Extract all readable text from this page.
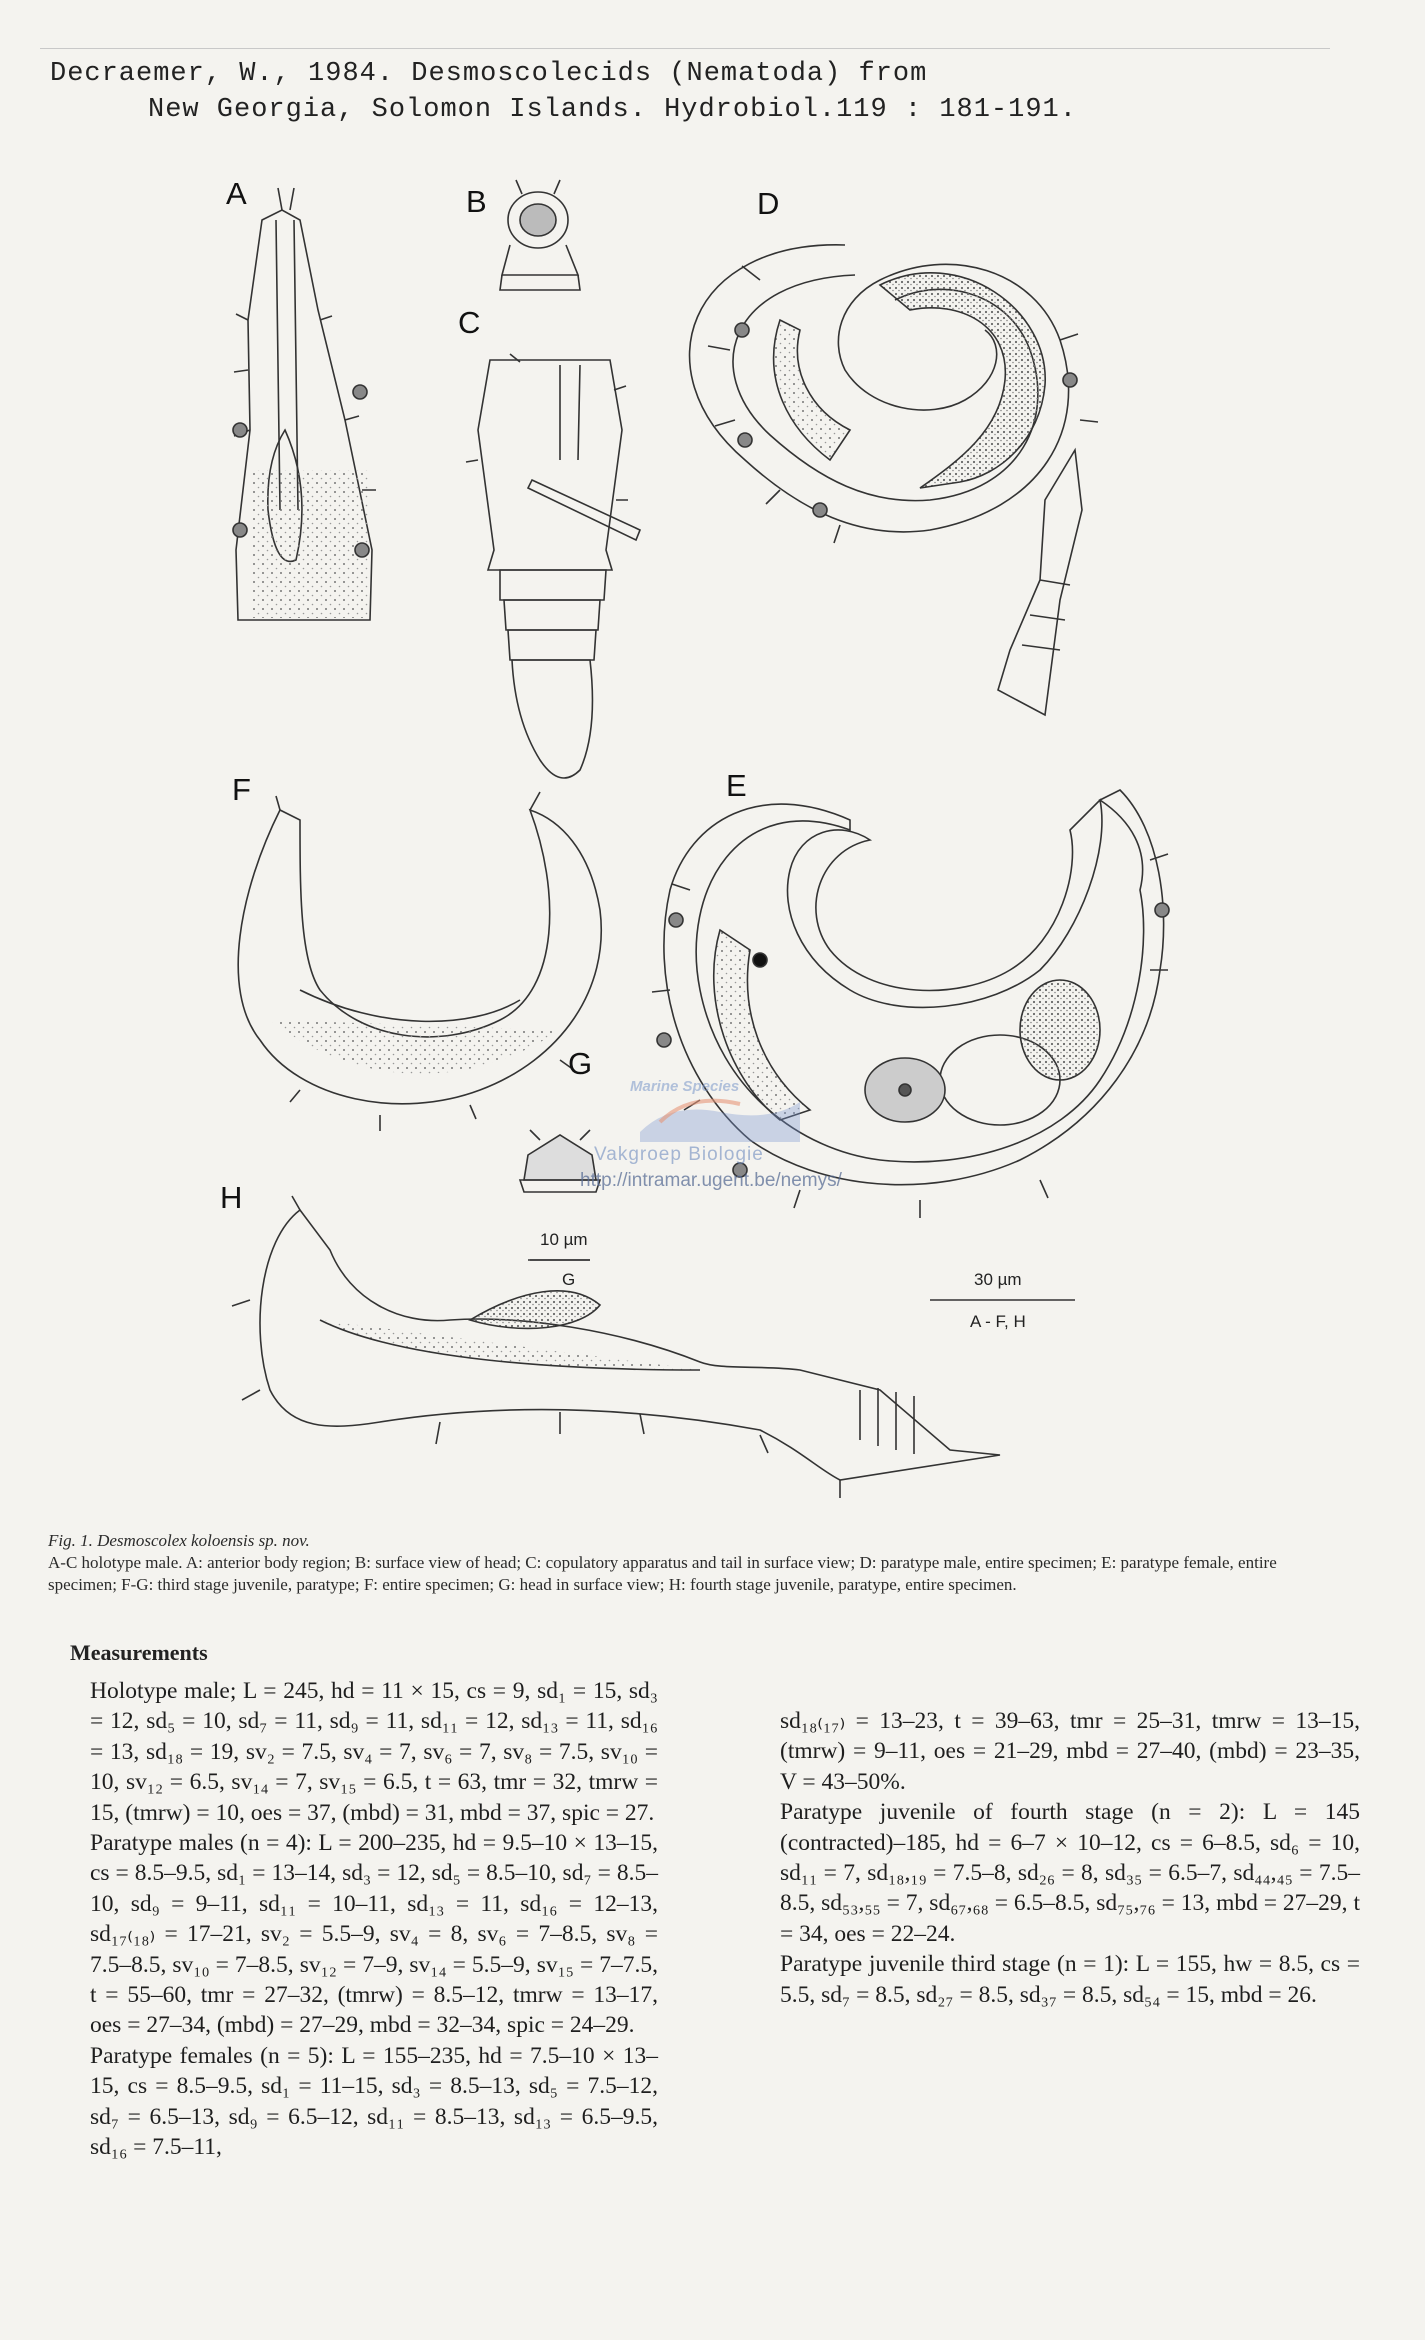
Decraemer, W., 1984. Desmoscolecids (Nematoda) from
New Georgia, Solomon Islands. Hydrobiol.119 : 181-191.
A	B
C
D
E
F
G
H
10 µm
G	30 µm
A - F, H
Marine Species
Vakgroep Biologie
http://intramar.ugent.be/nemys/
Fig. 1. Desmoscolex koloensis sp. nov.
A-C holotype male. A: anterior body region; B: surface view of head; C: copulatory apparatus and tail in surface view; D: paratype male, entire specimen; E: paratype female, entire specimen; F-G: third stage juvenile, paratype; F: entire specimen; G: head in surface view; H: fourth stage juvenile, paratype, entire specimen.
Measurements

Holotype male; L = 245, hd = 11 × 15, cs = 9, sd₁ = 15, sd₃ = 12, sd₅ = 10, sd₇ = 11, sd₉ = 11, sd₁₁ = 12, sd₁₃ = 11, sd₁₆ = 13, sd₁₈ = 19, sv₂ = 7.5, sv₄ = 7, sv₆ = 7, sv₈ = 7.5, sv₁₀ = 10, sv₁₂ = 6.5, sv₁₄ = 7, sv₁₅ = 6.5, t = 63, tmr = 32, tmrw = 15, (tmrw) = 10, oes = 37, (mbd) = 31, mbd = 37, spic = 27.

Paratype males (n = 4): L = 200–235, hd = 9.5–10 × 13–15, cs = 8.5–9.5, sd₁ = 13–14, sd₃ = 12, sd₅ = 8.5–10, sd₇ = 8.5–10, sd₉ = 9–11, sd₁₁ = 10–11, sd₁₃ = 11, sd₁₆ = 12–13, sd₁₇₍₁₈₎ = 17–21, sv₂ = 5.5–9, sv₄ = 8, sv₆ = 7–8.5, sv₈ = 7.5–8.5, sv₁₀ = 7–8.5, sv₁₂ = 7–9, sv₁₄ = 5.5–9, sv₁₅ = 7–7.5, t = 55–60, tmr = 27–32, (tmrw) = 8.5–12, tmrw = 13–17, oes = 27–34, (mbd) = 27–29, mbd = 32–34, spic = 24–29.

Paratype females (n = 5): L = 155–235, hd = 7.5–10 × 13–15, cs = 8.5–9.5, sd₁ = 11–15, sd₃ = 8.5–13, sd₅ = 7.5–12, sd₇ = 6.5–13, sd₉ = 6.5–12, sd₁₁ = 8.5–13, sd₁₃ = 6.5–9.5, sd₁₆ = 7.5–11,

sd₁₈₍₁₇₎ = 13–23, t = 39–63, tmr = 25–31, tmrw = 13–15, (tmrw) = 9–11, oes = 21–29, mbd = 27–40, (mbd) = 23–35, V = 43–50%.

Paratype juvenile of fourth stage (n = 2): L = 145 (contracted)–185, hd = 6–7 × 10–12, cs = 6–8.5, sd₆ = 10, sd₁₁ = 7, sd₁₈,₁₉ = 7.5–8, sd₂₆ = 8, sd₃₅ = 6.5–7, sd₄₄,₄₅ = 7.5–8.5, sd₅₃,₅₅ = 7, sd₆₇,₆₈ = 6.5–8.5, sd₇₅,₇₆ = 13, mbd = 27–29, t = 34, oes = 22–24.

Paratype juvenile third stage (n = 1): L = 155, hw = 8.5, cs = 5.5, sd₇ = 8.5, sd₂₇ = 8.5, sd₃₇ = 8.5, sd₅₄ = 15, mbd = 26.
